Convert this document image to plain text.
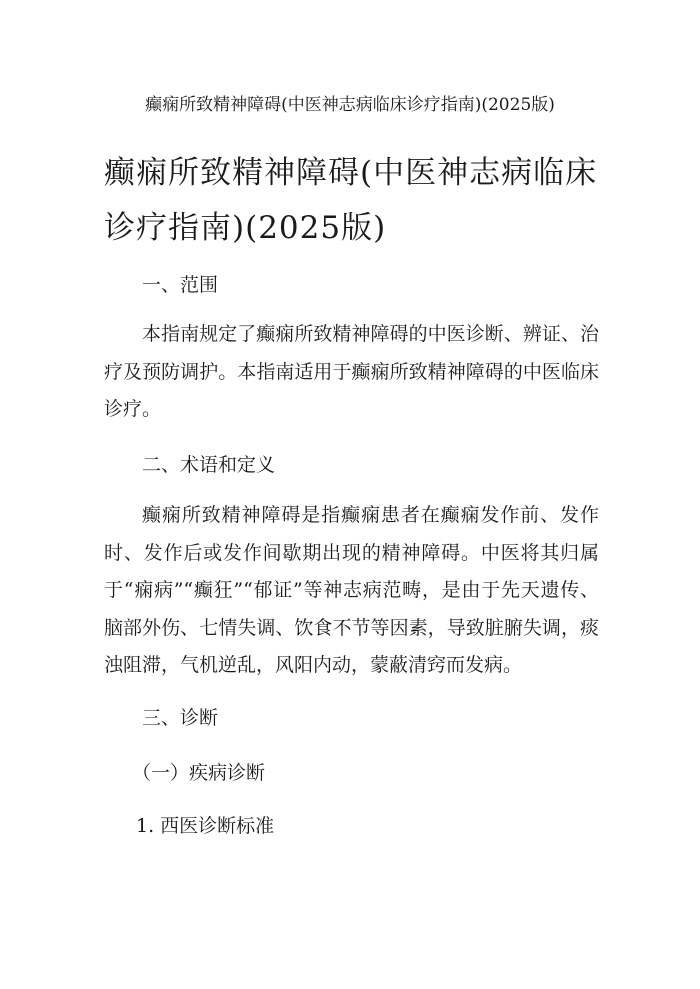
癫痫所致精神障碍(中医神志病临床诊疗指南)(2025版)
癫痫所致精神障碍(中医神志病临床诊疗指南)(2025版)
一、范围
本指南规定了癫痫所致精神障碍的中医诊断、辨证、治疗及预防调护。本指南适用于癫痫所致精神障碍的中医临床诊疗。
二、术语和定义
癫痫所致精神障碍是指癫痫患者在癫痫发作前、发作时、发作后或发作间歇期出现的精神障碍。中医将其归属于“痫病”“癫狂”“郁证”等神志病范畴，是由于先天遗传、脑部外伤、七情失调、饮食不节等因素，导致脏腑失调，痰浊阻滞，气机逆乱，风阳内动，蒙蔽清窍而发病。
三、诊断
（一）疾病诊断
1. 西医诊断标准
